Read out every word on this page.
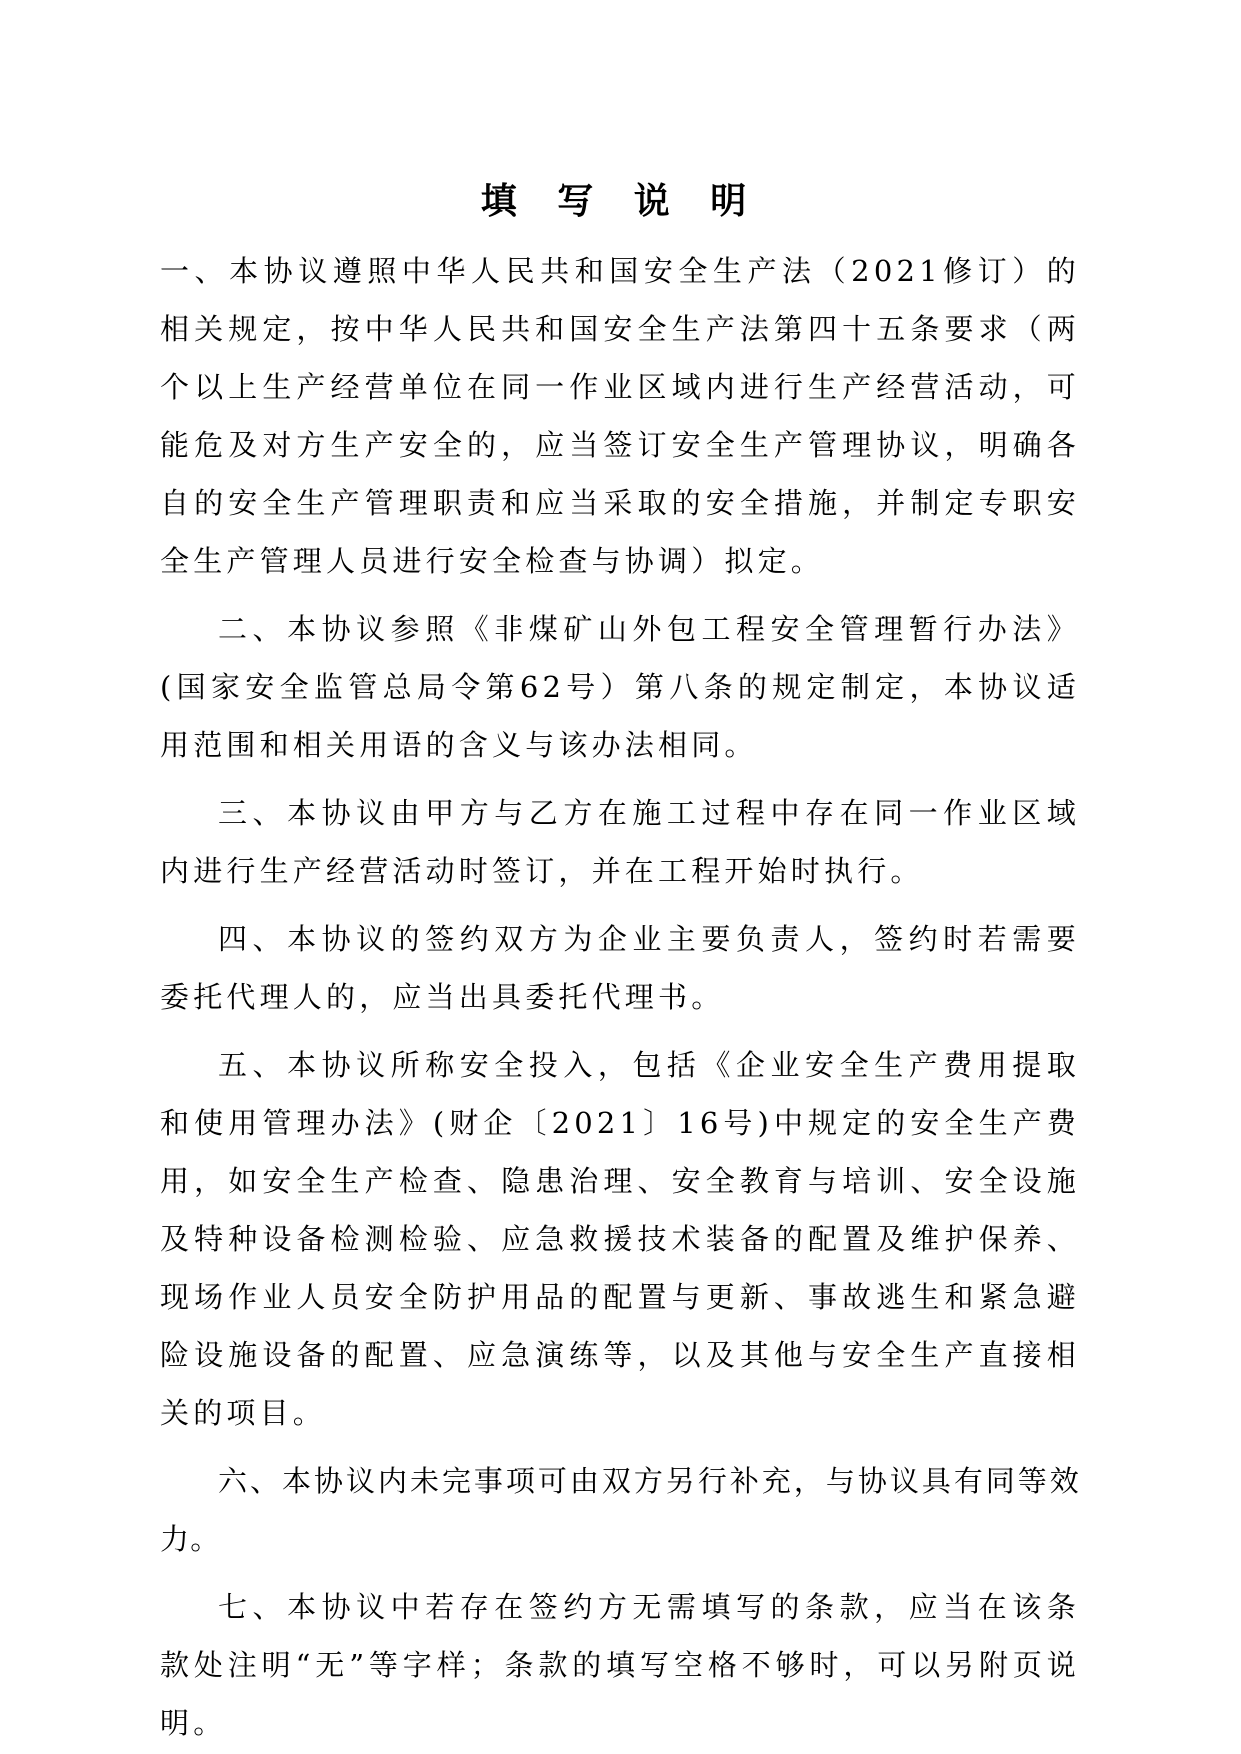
填 写 说 明

一、本协议遵照中华人民共和国安全生产法（2021修订）的相关规定，按中华人民共和国安全生产法第四十五条要求（两个以上生产经营单位在同一作业区域内进行生产经营活动，可能危及对方生产安全的，应当签订安全生产管理协议，明确各自的安全生产管理职责和应当采取的安全措施，并制定专职安全生产管理人员进行安全检查与协调）拟定。

二、本协议参照《非煤矿山外包工程安全管理暂行办法》(国家安全监管总局令第62号）第八条的规定制定，本协议适用范围和相关用语的含义与该办法相同。

三、本协议由甲方与乙方在施工过程中存在同一作业区域内进行生产经营活动时签订，并在工程开始时执行。

四、本协议的签约双方为企业主要负责人，签约时若需要委托代理人的，应当出具委托代理书。

五、本协议所称安全投入，包括《企业安全生产费用提取和使用管理办法》(财企〔2021〕16号)中规定的安全生产费用，如安全生产检查、隐患治理、安全教育与培训、安全设施及特种设备检测检验、应急救援技术装备的配置及维护保养、现场作业人员安全防护用品的配置与更新、事故逃生和紧急避险设施设备的配置、应急演练等，以及其他与安全生产直接相关的项目。

六、本协议内未完事项可由双方另行补充，与协议具有同等效力。

七、本协议中若存在签约方无需填写的条款，应当在该条款处注明“无”等字样；条款的填写空格不够时，可以另附页说明。
